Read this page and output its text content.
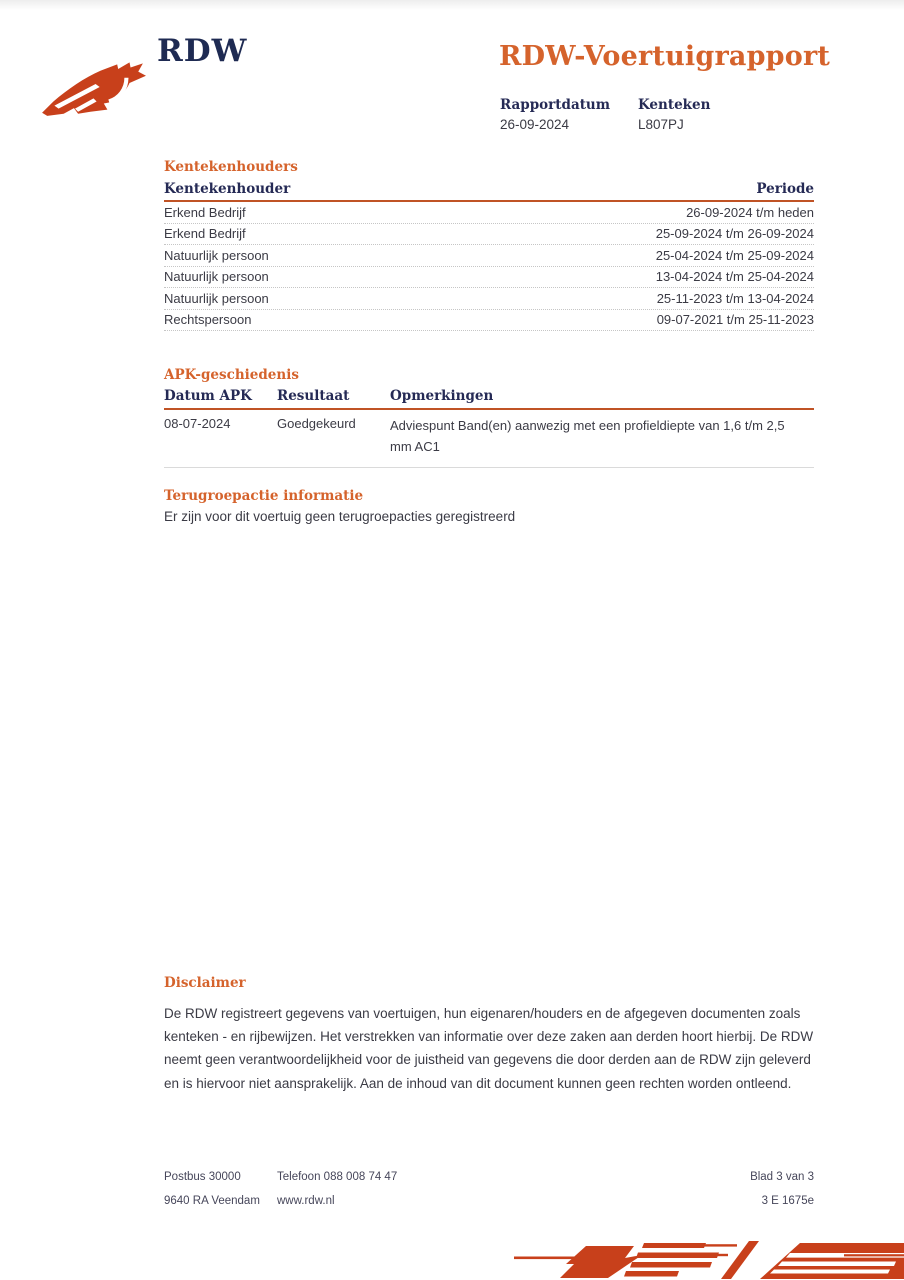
RDW	RDW-Voertuigrapport
Rapportdatum Kenteken
26-09-2024	L807PJ
Kentekenhouders
Kentekenhouder	Periode
Erkend Bedrijf	26-09-2024 t/m heden
Erkend Bedrijf	25-09-2024 t/m 26-09-2024
Natuurlijk persoon	25-04-2024 t/m 25-09-2024
Natuurlijk persoon	13-04-2024 t/m 25-04-2024
Natuurlijk persoon	25-11-2023 t/m 13-04-2024
Rechtspersoon	09-07-2021 t/m 25-11-2023
APK-geschiedenis
Datum APK	Resultaat	Opmerkingen
08-07-2024	Goedgekeurd	Adviespunt Band(en) aanwezig met een profieldiepte van 1,6 t/m 2,5 mm AC1
Terugroepactie informatie
Er zijn voor dit voertuig geen terugroepacties geregistreerd
Disclaimer

De RDW registreert gegevens van voertuigen, hun eigenaren/houders en de afgegeven documenten zoals kenteken - en rijbewijzen. Het verstrekken van informatie over deze zaken aan derden hoort hierbij. De RDW neemt geen verantwoordelijkheid voor de juistheid van gegevens die door derden aan de RDW zijn geleverd en is hiervoor niet aansprakelijk. Aan de inhoud van dit document kunnen geen rechten worden ontleend.

Postbus 30000	Telefoon 088 008 74 47	Blad 3 van 3
9640 RA Veendam www.rdw.nl	3 E 1675e
